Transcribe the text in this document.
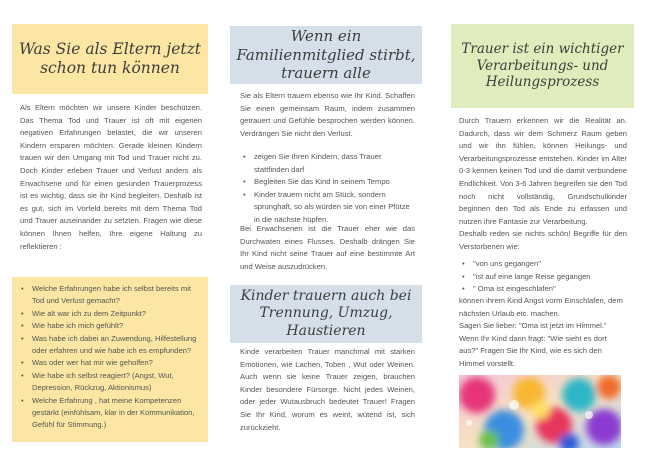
Was Sie als Eltern jetzt schon tun können

Als Eltern möchten wir unsere Kinder beschützen. Das Thema Tod und Trauer ist oft mit eigenen negativen Erfahrungen belastet, die wir unseren Kindern ersparen möchten. Gerade kleinen Kindern trauen wir den Umgang mit Tod und Trauer nicht zu. Doch Kinder erleben Trauer und Verlust anders als Erwachsene und für einen gesunden Trauerprozess ist es wichtig, dass sie ihr Kind begleiten. Deshalb ist es gut, sich im Vorfeld bereits mit dem Thema Tod und Trauer auseinander zu setzten. Fragen wie diese können Ihnen helfen, Ihre eigene Haltung zu reflektieren :

• Welche Erfahrungen habe ich selbst bereits mit Tod und Verlust gemacht?
• Wie alt war ich zu dem Zeitpunkt?
• Wie habe ich mich gefühlt?
• Was habe ich dabei an Zuwendung, Hilfestellung oder erfahren und wie habe ich es empfunden?
• Was oder wer hat mir wie geholfen?
• Wie habe ich selbst reagiert? (Angst, Wut, Depression, Rückzug, Aktionismus)
• Welche Erfahrung , hat meine Kompetenzen gestärkt (einfühlsam, klar in der Kommunikation, Gefühl für Stimmung.)
Wenn ein Familienmitglied stirbt, trauern alle

Sie als Eltern trauern ebenso wie Ihr Kind. Schaffen Sie einen gemeinsam Raum, indem zusammen getrauert und Gefühle besprochen werden können. Verdrängen Sie nicht den Verlust.

• zeigen Sie Ihren Kindern, dass Trauer stattfinden darf
• Begleiten Sie das Kind in seinem Tempo
• Kinder trauern nicht am Stück, sondern sprunghaft, so als würden sie von einer Pfütze in die nächste hüpfen.

Bei Erwachsenen ist die Trauer eher wie das Durchwaten eines Flusses. Deshalb drängen Sie Ihr Kind nicht seine Trauer auf eine bestimmte Art und Weise auszudrücken.

Kinder trauern auch bei Trennung, Umzug, Haustieren

Kinde verarbeiten Trauer manchmal mit starken Emotionen, wie Lachen, Toben , Wut oder Weinen. Auch wenn sie keine Trauer zeigen, brauchen Kinder besondere Fürsorge. Nicht jedes Weinen, oder jeder Wutausbruch bedeutet Trauer! Fragen Sie Ihr Kind, worum es weint, wütend ist, sich zurückzieht.

Trauer ist ein wichtiger Verarbeitungs- und Heilungsprozess
Durch Trauern erkennen wir die Realität an. Dadurch, dass wir dem Schmerz Raum geben und wir ihn fühlen, können Heilungs- und Verarbeitungsprozesse entstehen. Kinder im Alter 0-3 kennen keinen Tod und die damit verbundene Endlichkeit. Von 3-6 Jahren begreifen sie den Tod noch nicht vollständig, Grundschulkinder beginnen den Tod als Ende zu erfassen und nutzen ihre Fantasie zur Verarbeitung.
Deshalb reden sie nichts schön! Begriffe für den Verstorbenen wie:
• "von uns gegangen"
• "ist auf eine lange Reise gegangen
• " Oma ist eingeschlafen"
können ihrem Kind Angst vorm Einschlafen, dem nächsten Urlaub etc. machen.
Sagen Sie lieber: "Oma ist jetzt im Himmel." Wenn Ihr Kind dann fragt: "Wie sieht es dort aus?" Fragen Sie Ihr Kind, wie es sich den Himmel vorstellt.
